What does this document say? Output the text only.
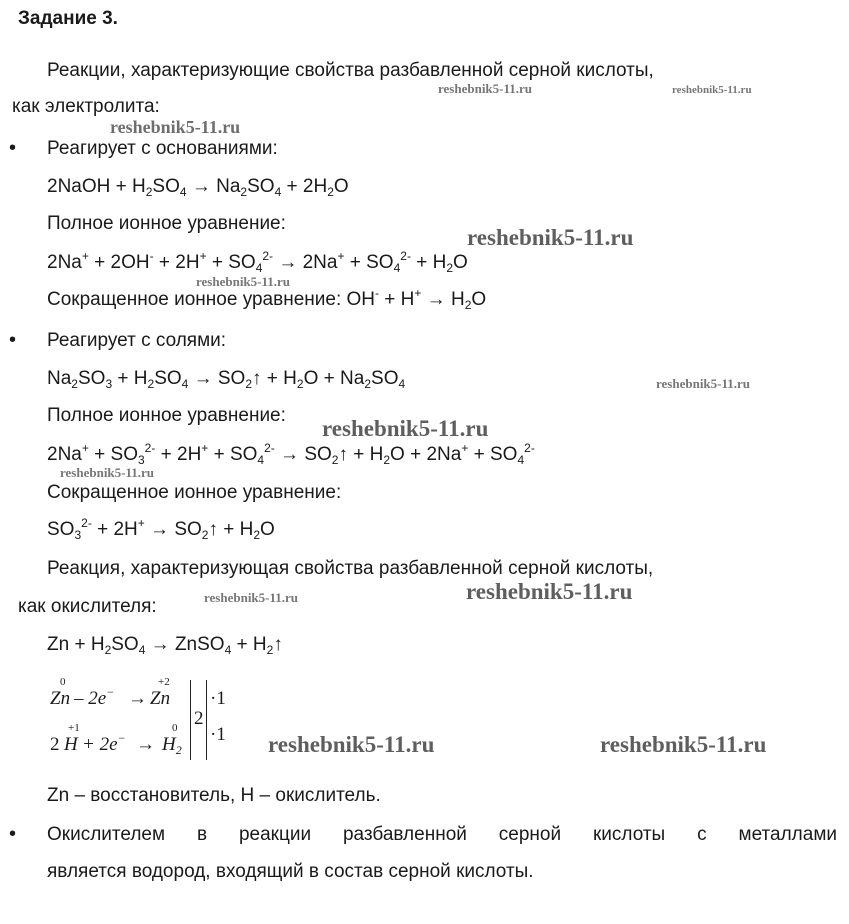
Задание 3.
Реакции, характеризующие свойства разбавленной серной кислоты,
как электролита:
• Реагирует с основаниями:
2NaOH + $H_2SO_4 \to Na_2SO_4 + 2H_2O$
Полное ионное уравнение:
$2Na^+ + 2OH^- + 2H^+ + SO_4^{2-} \to 2Na^+ + SO_4^{2-} + H_2O$
Сокращенное ионное уравнение: $OH^- + H^+ \to H_2O$
• Реагирует с солями:
$Na_2SO_3 + H_2SO_4$ → $SO_2↑ + H_2O + Na_2SO_4$
Полное ионное уравнение:
$2Na^+ + SO_3^{2-} + 2H^+ + SO_4^{2-}$ → $SO_2↑ + H_2O + 2Na^+ + SO_4^{2-}$
Сокращенное ионное уравнение:
$SO_3^{2-} + 2H^+$ → $SO_2↑ + H_2O$
Реакция, характеризующая свойства разбавленной серной кислоты,
как окислителя:
$Zn + H_2SO_4$ → ZnSO$_4$ + $H_2↑$
0
Zn – 2e− →
+2
Zn
+1
2 H + 2e− →
0
$H_2$
2
·1
·1
Zn – восстановитель, H – окислитель.
• Окислителем в реакции разбавленной серной кислоты с металлами
является водород, входящий в состав серной кислоты.
reshebnik5-11.ru	reshebnik5-11.ru
reshebnik5-11.ru
reshebnik5-11.ru
reshebnik5-11.ru
reshebnik5-11.ru
reshebnik5-11.ru
reshebnik5-11.ru
reshebnik5-11.ru	reshebnik5-11.ru
reshebnik5-11.ru	reshebnik5-11.ru
